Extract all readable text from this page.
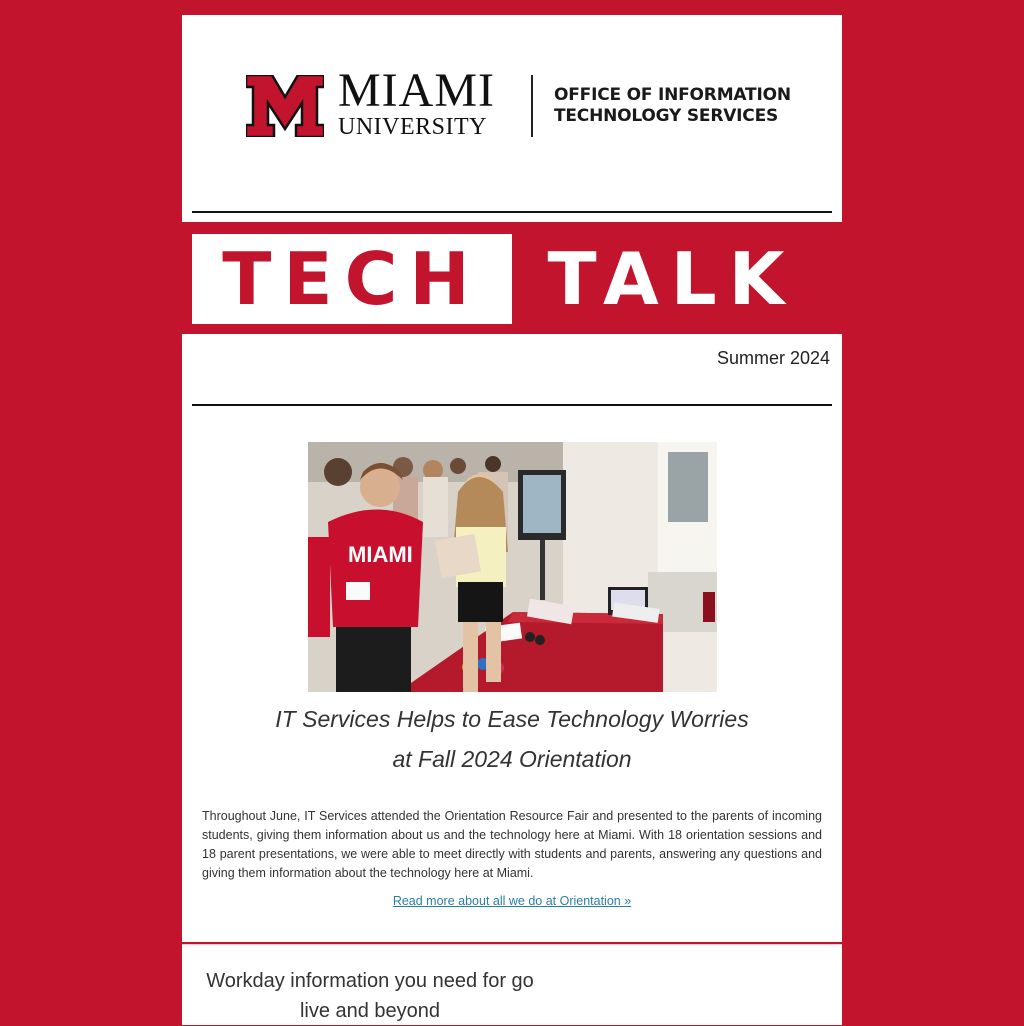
MIAMI
UNIVERSITY
OFFICE OF INFORMATION
TECHNOLOGY SERVICES
TECH TALK
Summer 2024
MIAMI
IT Services Helps to Ease Technology Worries
at Fall 2024 Orientation
Throughout June, IT Services attended the Orientation Resource Fair and presented to the parents of incoming students, giving them information about us and the technology here at Miami. With 18 orientation sessions and 18 parent presentations, we were able to meet directly with students and parents, answering any questions and giving them information about the technology here at Miami.
Read more about all we do at Orientation »
Workday information you need for go live and beyond
